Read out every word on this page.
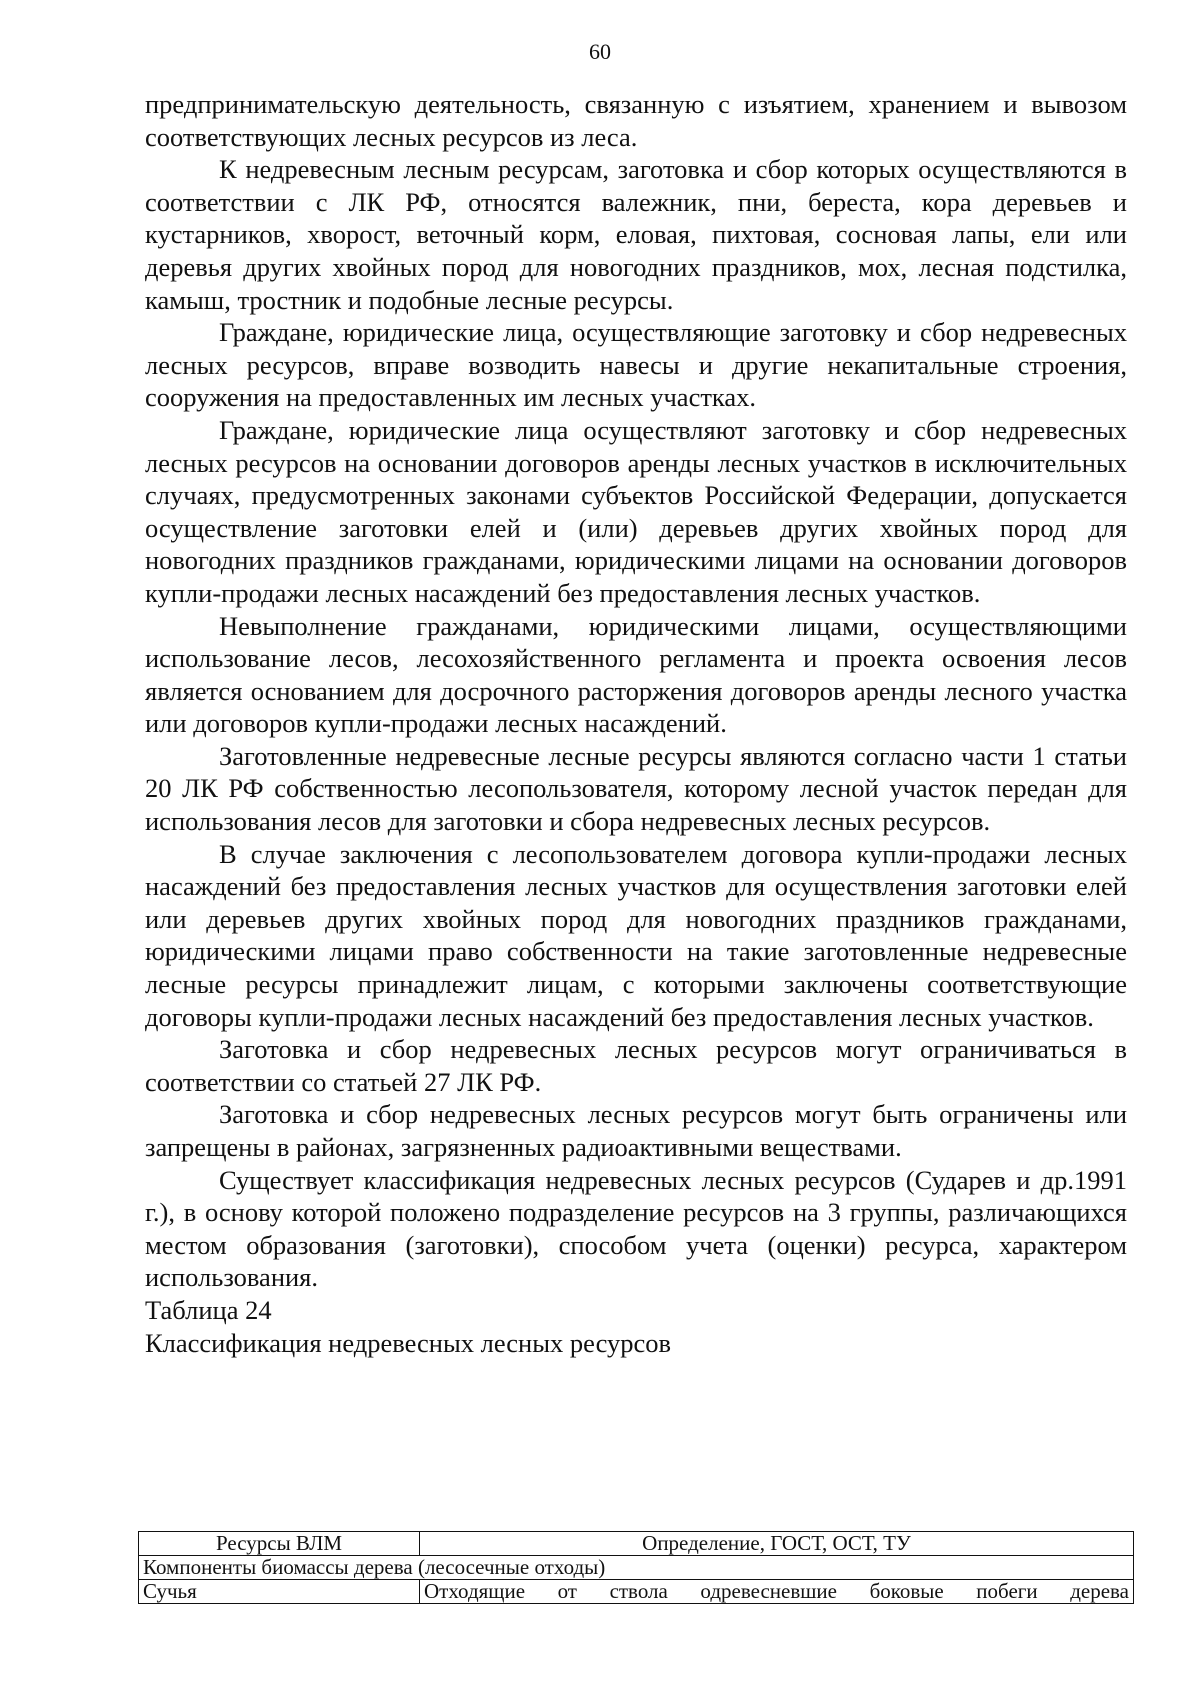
60

предпринимательскую деятельность, связанную с изъятием, хранением и вывозом соответствующих лесных ресурсов из леса.

К недревесным лесным ресурсам, заготовка и сбор которых осуществляются в соответствии с ЛК РФ, относятся валежник, пни, береста, кора деревьев и кустарников, хворост, веточный корм, еловая, пихтовая, сосновая лапы, ели или деревья других хвойных пород для новогодних праздников, мох, лесная подстилка, камыш, тростник и подобные лесные ресурсы.

Граждане, юридические лица, осуществляющие заготовку и сбор недревесных лесных ресурсов, вправе возводить навесы и другие некапитальные строения, сооружения на предоставленных им лесных участках.

Граждане, юридические лица осуществляют заготовку и сбор недревесных лесных ресурсов на основании договоров аренды лесных участков в исключительных случаях, предусмотренных законами субъектов Российской Федерации, допускается осуществление заготовки елей и (или) деревьев других хвойных пород для новогодних праздников гражданами, юридическими лицами на основании договоров купли-продажи лесных насаждений без предоставления лесных участков.

Невыполнение гражданами, юридическими лицами, осуществляющими использование лесов, лесохозяйственного регламента и проекта освоения лесов является основанием для досрочного расторжения договоров аренды лесного участка или договоров купли-продажи лесных насаждений.

Заготовленные недревесные лесные ресурсы являются согласно части 1 статьи 20 ЛК РФ собственностью лесопользователя, которому лесной участок передан для использования лесов для заготовки и сбора недревесных лесных ресурсов.

В случае заключения с лесопользователем договора купли-продажи лесных насаждений без предоставления лесных участков для осуществления заготовки елей или деревьев других хвойных пород для новогодних праздников гражданами, юридическими лицами право собственности на такие заготовленные недревесные лесные ресурсы принадлежит лицам, с которыми заключены соответствующие договоры купли-продажи лесных насаждений без предоставления лесных участков.

Заготовка и сбор недревесных лесных ресурсов могут ограничиваться в соответствии со статьей 27 ЛК РФ.

Заготовка и сбор недревесных лесных ресурсов могут быть ограничены или запрещены в районах, загрязненных радиоактивными веществами.

Существует классификация недревесных лесных ресурсов (Сударев и др.1991 г.), в основу которой положено подразделение ресурсов на 3 группы, различающихся местом образования (заготовки), способом учета (оценки) ресурса, характером использования.

Таблица 24

Классификация недревесных лесных ресурсов

Ресурсы ВЛМ	Определение, ГОСТ, ОСТ, ТУ
Компоненты биомассы дерева (лесосечные отходы)	
Сучья	Отходящие от ствола одревесневшие боковые побеги дерева
